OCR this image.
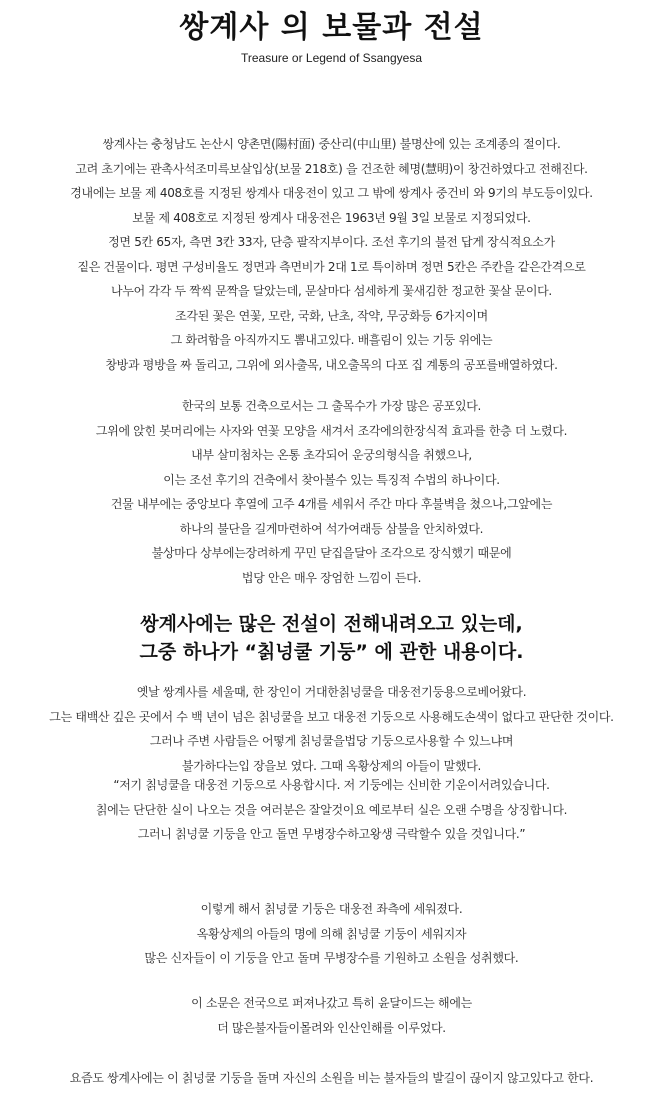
쌍계사 의 보물과 전설
Treasure or Legend of Ssangyesa
쌍계사는 충청남도 논산시 양촌면(陽村面) 중산리(中山里) 불명산에 있는 조계종의 절이다.
고려 초기에는 관촉사석조미륵보살입상(보물 218호) 을 건조한 혜명(慧明)이 창건하였다고 전해진다.
경내에는 보물 제 408호를 지정된 쌍계사 대웅전이 있고 그 밖에 쌍계사 중건비 와 9기의 부도등이있다.
보물 제 408호로 지정된 쌍계사 대웅전은 1963년 9월 3일 보물로 지정되었다.
정면 5칸 65자, 측면 3칸 33자, 단층 팔작지부이다. 조선 후기의 불전 답게 장식적요소가
짙은 건물이다. 평면 구성비율도 정면과 측면비가 2대 1로 특이하며 정면 5칸은 주칸을 같은간격으로
나누어 각각 두 짝씩 문짝을 달았는데, 문살마다 섬세하게 꽃새김한 정교한 꽃살 문이다.
조각된 꽃은 연꽃, 모란, 국화, 난초, 작약, 무궁화등 6가지이며
그 화려함을 아직까지도 뽐내고있다. 배흘림이 있는 기둥 위에는
창방과 평방을 짜 돌리고, 그위에 외사출목, 내오출목의 다포 집 계통의 공포를배열하였다.
한국의 보통 건축으로서는 그 출목수가 가장 많은 공포있다.
그위에 앉힌 봇머리에는 사자와 연꽃 모양을 새겨서 조각에의한장식적 효과를 한층 더 노렸다.
내부 살미첨차는 온통 초각되어 운궁의형식을 취했으나,
이는 조선 후기의 건축에서 찾아볼수 있는 특징적 수법의 하나이다.
건물 내부에는 중앙보다 후열에 고주 4개를 세워서 주간 마다 후불벽을 쳤으나,그앞에는
하나의 불단을 길게마련하여 석가여래등 삼불을 안치하였다.
불상마다 상부에는장려하게 꾸민 닫집을달아 조각으로 장식했기 때문에
법당 안은 매우 장엄한 느낌이 든다.
쌍계사에는 많은 전설이 전해내려오고 있는데,
그중 하나가 “칡넝쿨 기둥” 에 관한 내용이다.
옛날 쌍계사를 세울때, 한 장인이 거대한칡넝쿨을 대웅전기둥용으로베어왔다.
그는 태백산 깊은 곳에서 수 백 년이 넘은 칡넝쿨을 보고 대웅전 기둥으로 사용해도손색이 없다고 판단한 것이다.
그러나 주변 사람들은 어떻게 칡넝쿨을법당 기둥으로사용할 수 있느냐며
불가하다는입 장을보 였다. 그때 옥황상제의 아들이 말했다.
“저기 칡넝쿨을 대웅전 기둥으로 사용합시다. 저 기둥에는 신비한 기운이서려있습니다.
칡에는 단단한 실이 나오는 것을 여러분은 잘알것이요 예로부터 실은 오랜 수명을 상징합니다.
그러니 칡넝쿨 기둥을 안고 돌면 무병장수하고왕생 극락할수 있을 것입니다.”
이렇게 해서 칡넝쿨 기둥은 대웅전 좌측에 세워졌다.
옥황상제의 아들의 명에 의해 칡넝쿨 기둥이 세워지자
많은 신자들이 이 기둥을 안고 돌며 무병장수를 기원하고 소원을 성취했다.
이 소문은 전국으로 퍼져나갔고 특히 윤달이드는 해에는
더 많은불자들이몰려와 인산인해를 이루었다.
요즘도 쌍계사에는 이 칡넝쿨 기둥을 돌며 자신의 소원을 비는 불자들의 발길이 끊이지 않고있다고 한다.
